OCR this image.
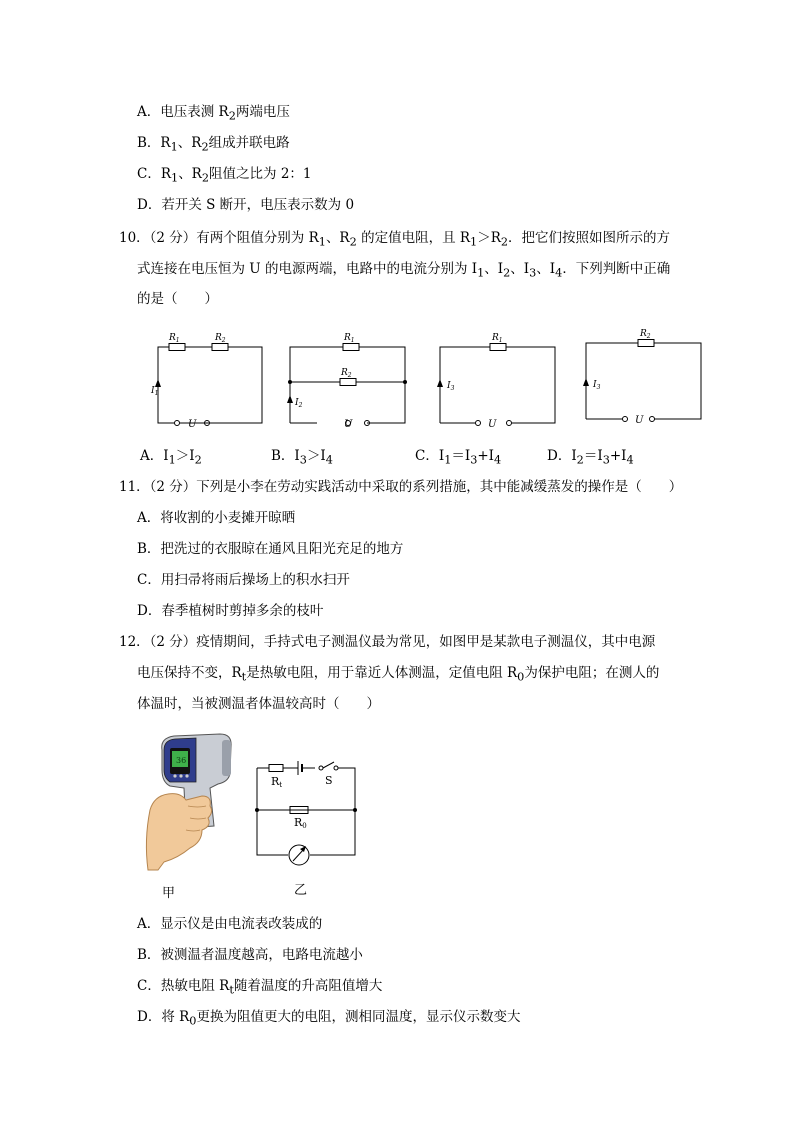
A．电压表测 $R_2$两端电压
B．$R_1$、$R_2$组成并联电路
C．$R_1$、$R_2$阻值之比为 2：1
D．若开关 S 断开，电压表示数为 0
10．（2 分）有两个阻值分别为 $R_1$、$R_2$ 的定值电阻，且 $R_1>R_2$．把它们按照如图所示的方
式连接在电压恒为 U 的电源两端，电路中的电流分别为 $I_1$、$I_2$、$I_3$、$I_4$．下列判断中正确
的是（　　）
$R_1$	$R_2$
$I_1$
U
$R_1$
$R_2$
$I_2$
U
$R_1$
$I_3$
U
$R_2$
$I_3$
U
A．$I_1>I_2$	B．$I_3>I_4$	C．$I_1=I_3+I_4$	D．$I_2=I_3+I_4$
11．（2 分）下列是小李在劳动实践活动中采取的系列措施，其中能减缓蒸发的操作是（　　）
A．将收割的小麦摊开晾晒
B．把洗过的衣服晾在通风且阳光充足的地方
C．用扫帚将雨后操场上的积水扫开
D．春季植树时剪掉多余的枝叶
12．（2 分）疫情期间，手持式电子测温仪最为常见，如图甲是某款电子测温仪，其中电源
电压保持不变，$R_t$是热敏电阻，用于靠近人体测温，定值电阻 $R_0$为保护电阻；在测人的
体温时，当被测温者体温较高时（　　）
36
甲
Rt	S
R0
乙
A．显示仪是由电流表改装成的
B．被测温者温度越高，电路电流越小
C．热敏电阻 $R_t$随着温度的升高阻值增大
D．将 $R_0$更换为阻值更大的电阻，测相同温度，显示仪示数变大
